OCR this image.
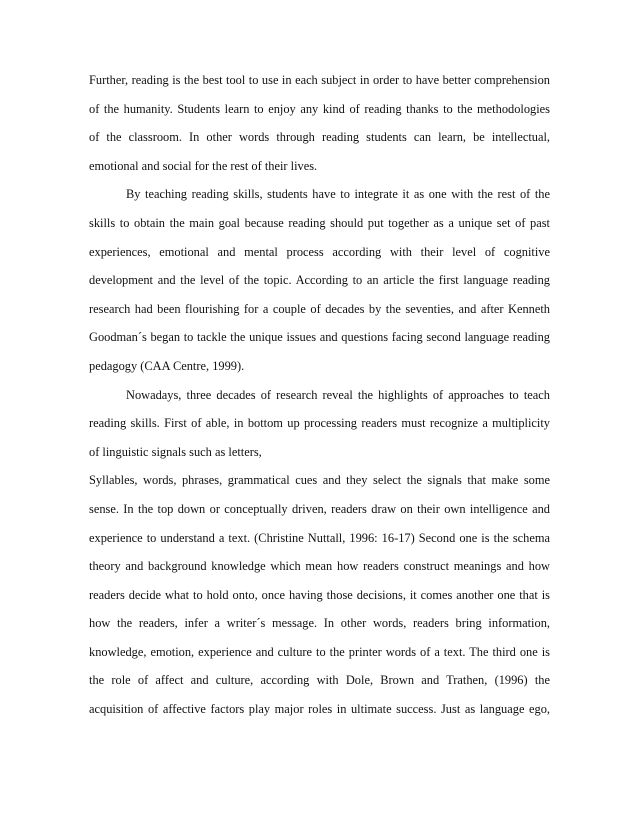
Further, reading is the best tool to use in each subject in order to have better comprehension
of the humanity. Students learn to enjoy any kind of reading thanks to the methodologies
of the classroom. In other words through reading students can learn, be intellectual,
emotional and social for the rest of their lives.
By teaching reading skills, students have to integrate it as one with the rest of the
skills to obtain the main goal because reading should put together as a unique set of past
experiences, emotional and mental process according with their level of cognitive
development and the level of the topic. According to an article the first language reading
research had been flourishing for a couple of decades by the seventies, and after Kenneth
Goodman´s began to tackle the unique issues and questions facing second language reading
pedagogy (CAA Centre, 1999).
Nowadays, three decades of research reveal the highlights of approaches to teach
reading skills. First of able, in bottom up processing readers must recognize a multiplicity
of linguistic signals such as letters,
Syllables, words, phrases, grammatical cues and they select the signals that make some
sense. In the top down or conceptually driven, readers draw on their own intelligence and
experience to understand a text. (Christine Nuttall, 1996: 16-17) Second one is the schema
theory and background knowledge which mean how readers construct meanings and how
readers decide what to hold onto, once having those decisions, it comes another one that is
how the readers, infer a writer´s message. In other words, readers bring information,
knowledge, emotion, experience and culture to the printer words of a text. The third one is
the role of affect and culture, according with Dole, Brown and Trathen, (1996) the
acquisition of affective factors play major roles in ultimate success. Just as language ego,
